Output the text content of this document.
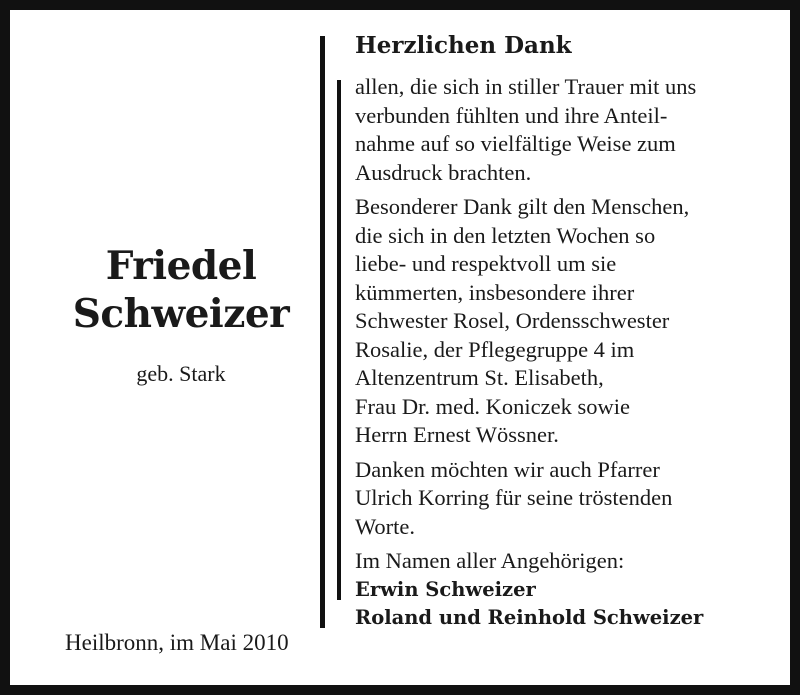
Friedel
Schweizer
geb. Stark
Heilbronn, im Mai 2010
Herzlichen Dank
allen, die sich in stiller Trauer mit uns
verbunden fühlten und ihre Anteil-
nahme auf so vielfältige Weise zum
Ausdruck brachten.
Besonderer Dank gilt den Menschen,
die sich in den letzten Wochen so
liebe- und respektvoll um sie
kümmerten, insbesondere ihrer
Schwester Rosel, Ordensschwester
Rosalie, der Pflegegruppe 4 im
Altenzentrum St. Elisabeth,
Frau Dr. med. Koniczek sowie
Herrn Ernest Wössner.
Danken möchten wir auch Pfarrer
Ulrich Korring für seine tröstenden
Worte.
Im Namen aller Angehörigen:
Erwin Schweizer
Roland und Reinhold Schweizer
